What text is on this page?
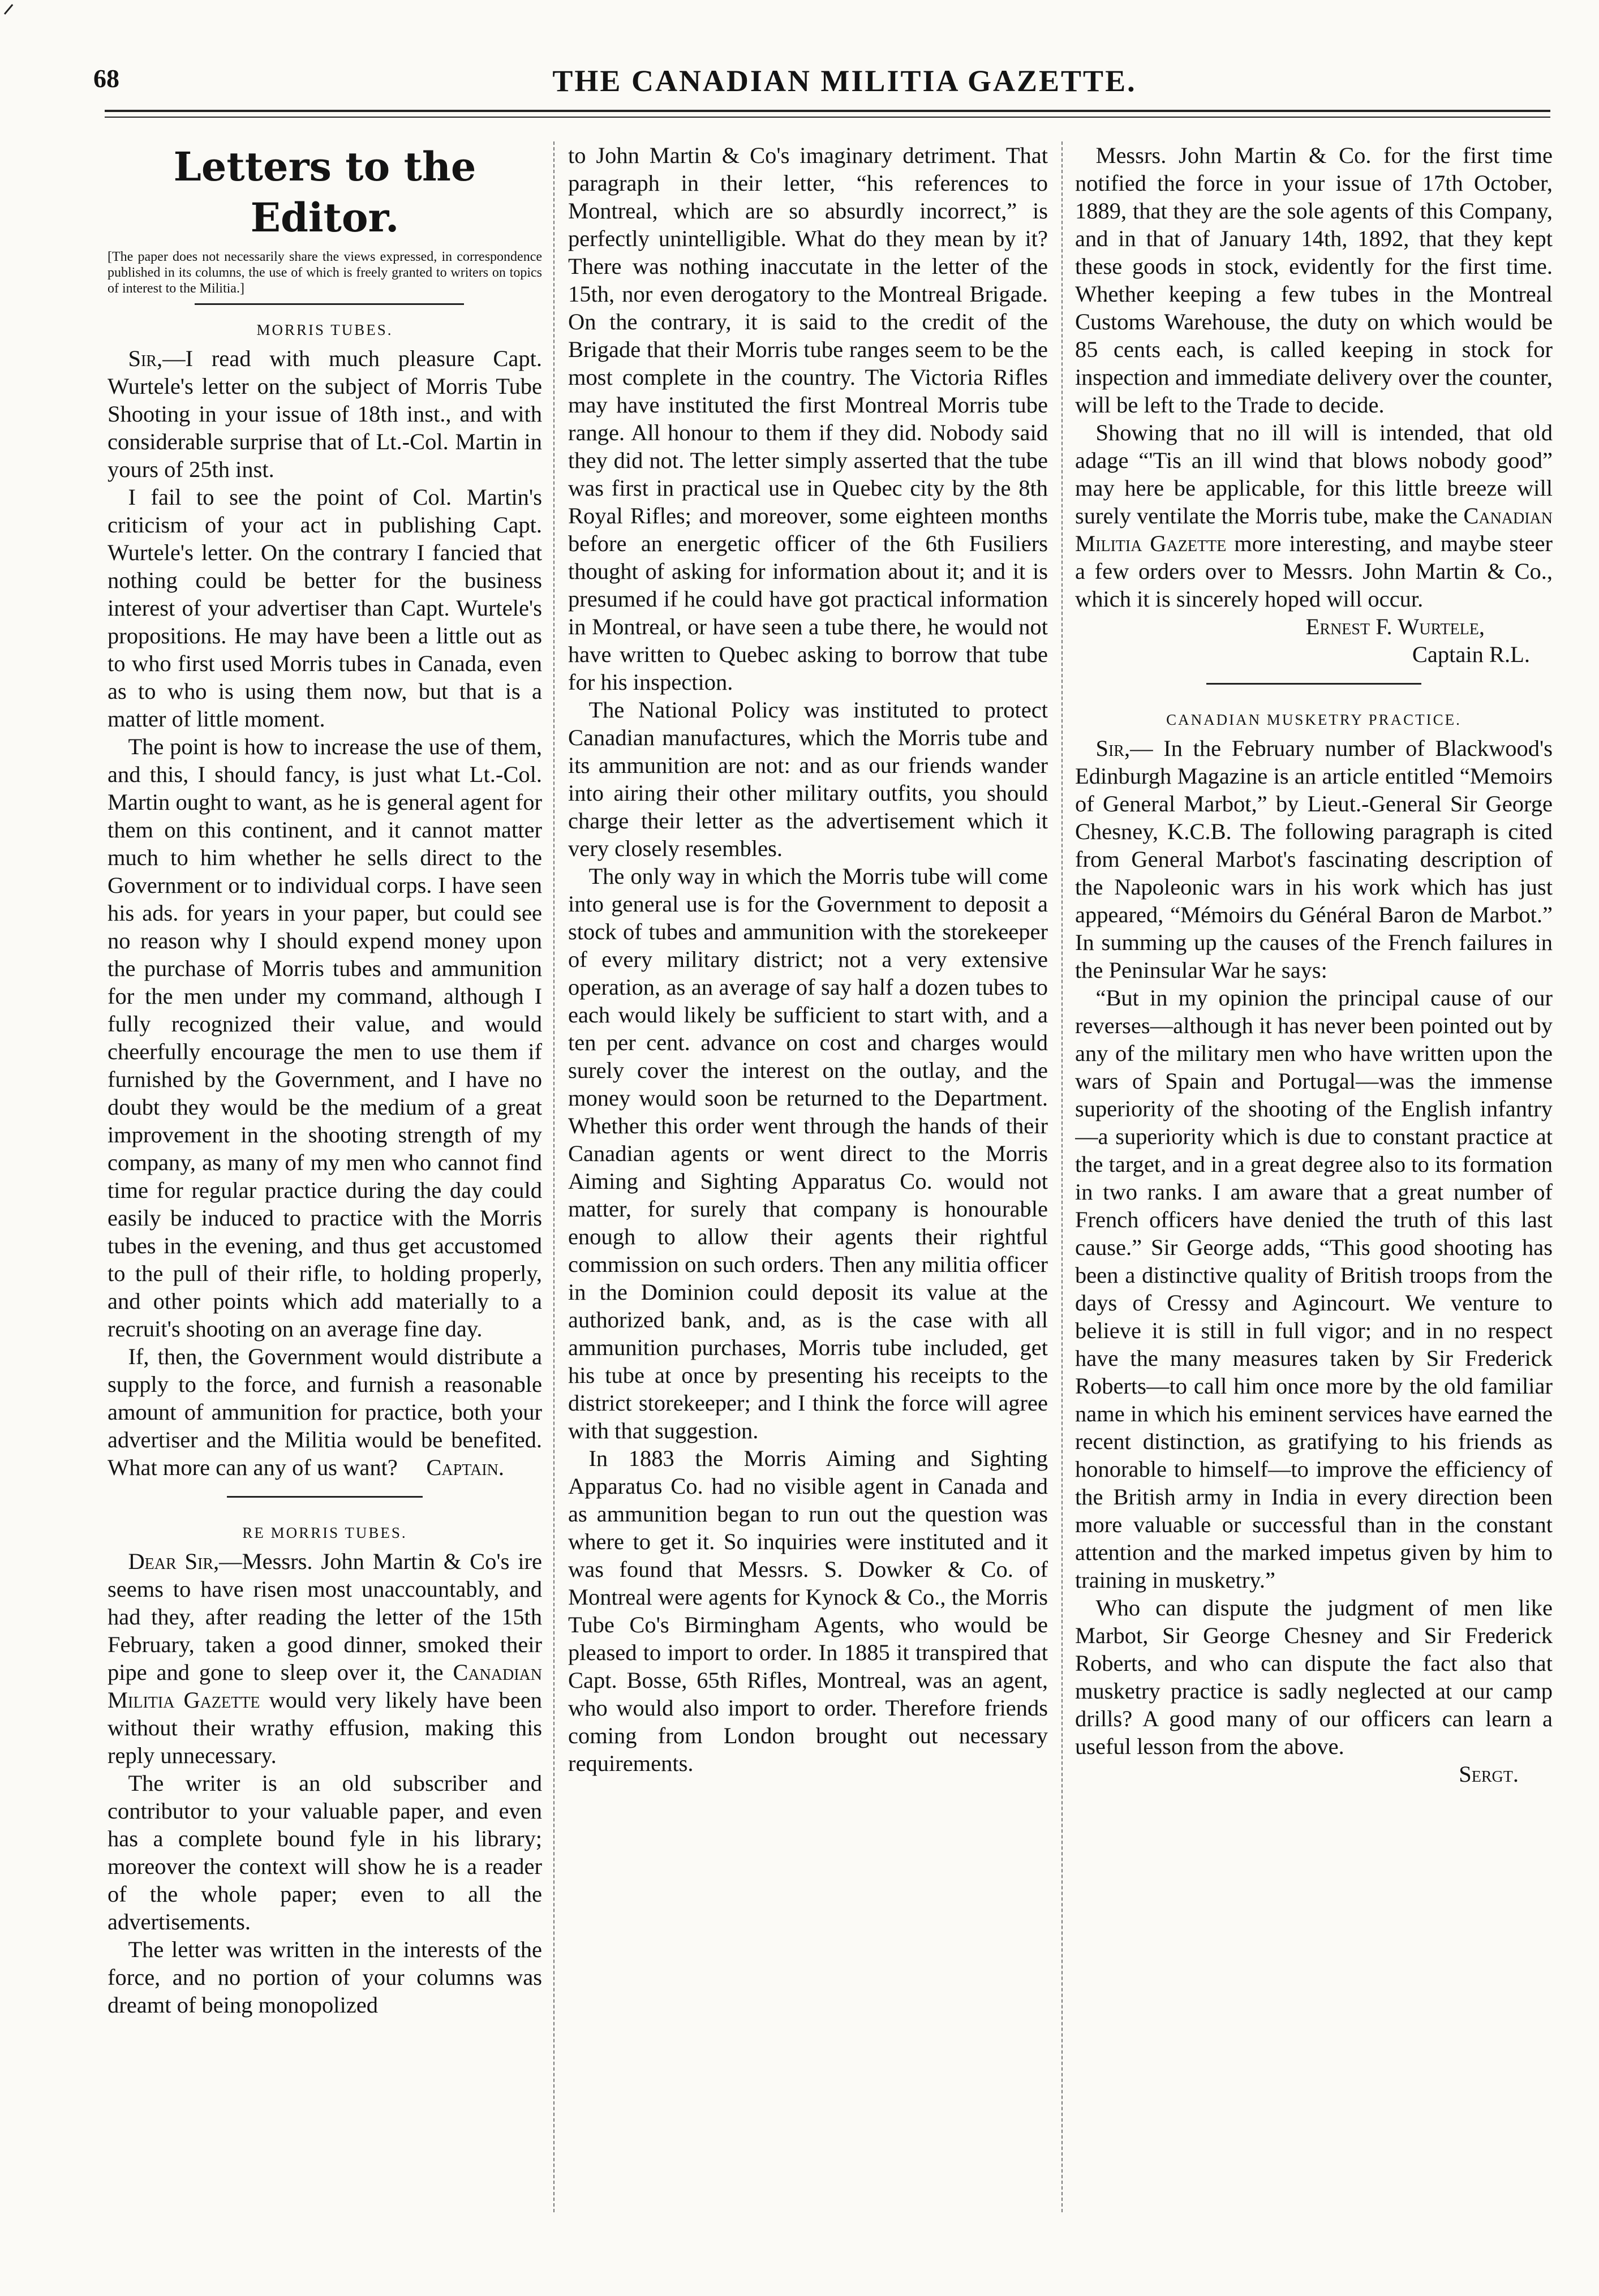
68	THE CANADIAN MILITIA GAZETTE.
Letters to the Editor.
[The paper does not necessarily share the views expressed, in correspondence published in its columns, the use of which is freely granted to writers on topics of interest to the Militia.]
MORRIS TUBES.

Sir,—I read with much pleasure Capt. Wurtele's letter on the subject of Morris Tube Shooting in your issue of 18th inst., and with considerable surprise that of Lt.-Col. Martin in yours of 25th inst.

I fail to see the point of Col. Martin's criticism of your act in publishing Capt. Wurtele's letter. On the contrary I fancied that nothing could be better for the business interest of your advertiser than Capt. Wurtele's propositions. He may have been a little out as to who first used Morris tubes in Canada, even as to who is using them now, but that is a matter of little moment.

The point is how to increase the use of them, and this, I should fancy, is just what Lt.-Col. Martin ought to want, as he is general agent for them on this continent, and it cannot matter much to him whether he sells direct to the Government or to individual corps. I have seen his ads. for years in your paper, but could see no reason why I should expend money upon the purchase of Morris tubes and ammunition for the men under my command, although I fully recognized their value, and would cheerfully encourage the men to use them if furnished by the Government, and I have no doubt they would be the medium of a great improvement in the shooting strength of my company, as many of my men who cannot find time for regular practice during the day could easily be induced to practice with the Morris tubes in the evening, and thus get accustomed to the pull of their rifle, to holding properly, and other points which add materially to a recruit's shooting on an average fine day.

If, then, the Government would distribute a supply to the force, and furnish a reasonable amount of ammunition for practice, both your advertiser and the Militia would be benefited. What more can any of us want? Captain.

RE MORRIS TUBES.

Dear Sir,—Messrs. John Martin & Co's ire seems to have risen most unaccountably, and had they, after reading the letter of the 15th February, taken a good dinner, smoked their pipe and gone to sleep over it, the Canadian Militia Gazette would very likely have been without their wrathy effusion, making this reply unnecessary.

The writer is an old subscriber and contributor to your valuable paper, and even has a complete bound fyle in his library; moreover the context will show he is a reader of the whole paper; even to all the advertisements.

The letter was written in the interests of the force, and no portion of your columns was dreamt of being monopolized

to John Martin & Co's imaginary detriment. That paragraph in their letter, “his references to Montreal, which are so absurdly incorrect,” is perfectly unintelligible. What do they mean by it? There was nothing inaccutate in the letter of the 15th, nor even derogatory to the Montreal Brigade. On the contrary, it is said to the credit of the Brigade that their Morris tube ranges seem to be the most complete in the country. The Victoria Rifles may have instituted the first Montreal Morris tube range. All honour to them if they did. Nobody said they did not. The letter simply asserted that the tube was first in practical use in Quebec city by the 8th Royal Rifles; and moreover, some eighteen months before an energetic officer of the 6th Fusiliers thought of asking for information about it; and it is presumed if he could have got practical information in Montreal, or have seen a tube there, he would not have written to Quebec asking to borrow that tube for his inspection.

The National Policy was instituted to protect Canadian manufactures, which the Morris tube and its ammunition are not: and as our friends wander into airing their other military outfits, you should charge their letter as the advertisement which it very closely resembles.

The only way in which the Morris tube will come into general use is for the Government to deposit a stock of tubes and ammunition with the storekeeper of every military district; not a very extensive operation, as an average of say half a dozen tubes to each would likely be sufficient to start with, and a ten per cent. advance on cost and charges would surely cover the interest on the outlay, and the money would soon be returned to the Department. Whether this order went through the hands of their Canadian agents or went direct to the Morris Aiming and Sighting Apparatus Co. would not matter, for surely that company is honourable enough to allow their agents their rightful commission on such orders. Then any militia officer in the Dominion could deposit its value at the authorized bank, and, as is the case with all ammunition purchases, Morris tube included, get his tube at once by presenting his receipts to the district storekeeper; and I think the force will agree with that suggestion.

In 1883 the Morris Aiming and Sighting Apparatus Co. had no visible agent in Canada and as ammunition began to run out the question was where to get it. So inquiries were instituted and it was found that Messrs. S. Dowker & Co. of Montreal were agents for Kynock & Co., the Morris Tube Co's Birmingham Agents, who would be pleased to import to order. In 1885 it transpired that Capt. Bosse, 65th Rifles, Montreal, was an agent, who would also import to order. Therefore friends coming from London brought out necessary requirements.

Messrs. John Martin & Co. for the first time notified the force in your issue of 17th October, 1889, that they are the sole agents of this Company, and in that of January 14th, 1892, that they kept these goods in stock, evidently for the first time. Whether keeping a few tubes in the Montreal Customs Warehouse, the duty on which would be 85 cents each, is called keeping in stock for inspection and immediate delivery over the counter, will be left to the Trade to decide.

Showing that no ill will is intended, that old adage “'Tis an ill wind that blows nobody good” may here be applicable, for this little breeze will surely ventilate the Morris tube, make the Canadian Militia Gazette more interesting, and maybe steer a few orders over to Messrs. John Martin & Co., which it is sincerely hoped will occur.

Ernest F. Wurtele,
Captain R.L.
CANADIAN MUSKETRY PRACTICE.

Sir,— In the February number of Blackwood's Edinburgh Magazine is an article entitled “Memoirs of General Marbot,” by Lieut.-General Sir George Chesney, K.C.B. The following paragraph is cited from General Marbot's fascinating description of the Napoleonic wars in his work which has just appeared, “Mémoirs du Général Baron de Marbot.” In summing up the causes of the French failures in the Peninsular War he says:

“But in my opinion the principal cause of our reverses—although it has never been pointed out by any of the military men who have written upon the wars of Spain and Portugal—was the immense superiority of the shooting of the English infantry—a superiority which is due to constant practice at the target, and in a great degree also to its formation in two ranks. I am aware that a great number of French officers have denied the truth of this last cause.” Sir George adds, “This good shooting has been a distinctive quality of British troops from the days of Cressy and Agincourt. We venture to believe it is still in full vigor; and in no respect have the many measures taken by Sir Frederick Roberts—to call him once more by the old familiar name in which his eminent services have earned the recent distinction, as gratifying to his friends as honorable to himself—to improve the efficiency of the British army in India in every direction been more valuable or successful than in the constant attention and the marked impetus given by him to training in musketry.”

Who can dispute the judgment of men like Marbot, Sir George Chesney and Sir Frederick Roberts, and who can dispute the fact also that musketry practice is sadly neglected at our camp drills? A good many of our officers can learn a useful lesson from the above.

Sergt.
